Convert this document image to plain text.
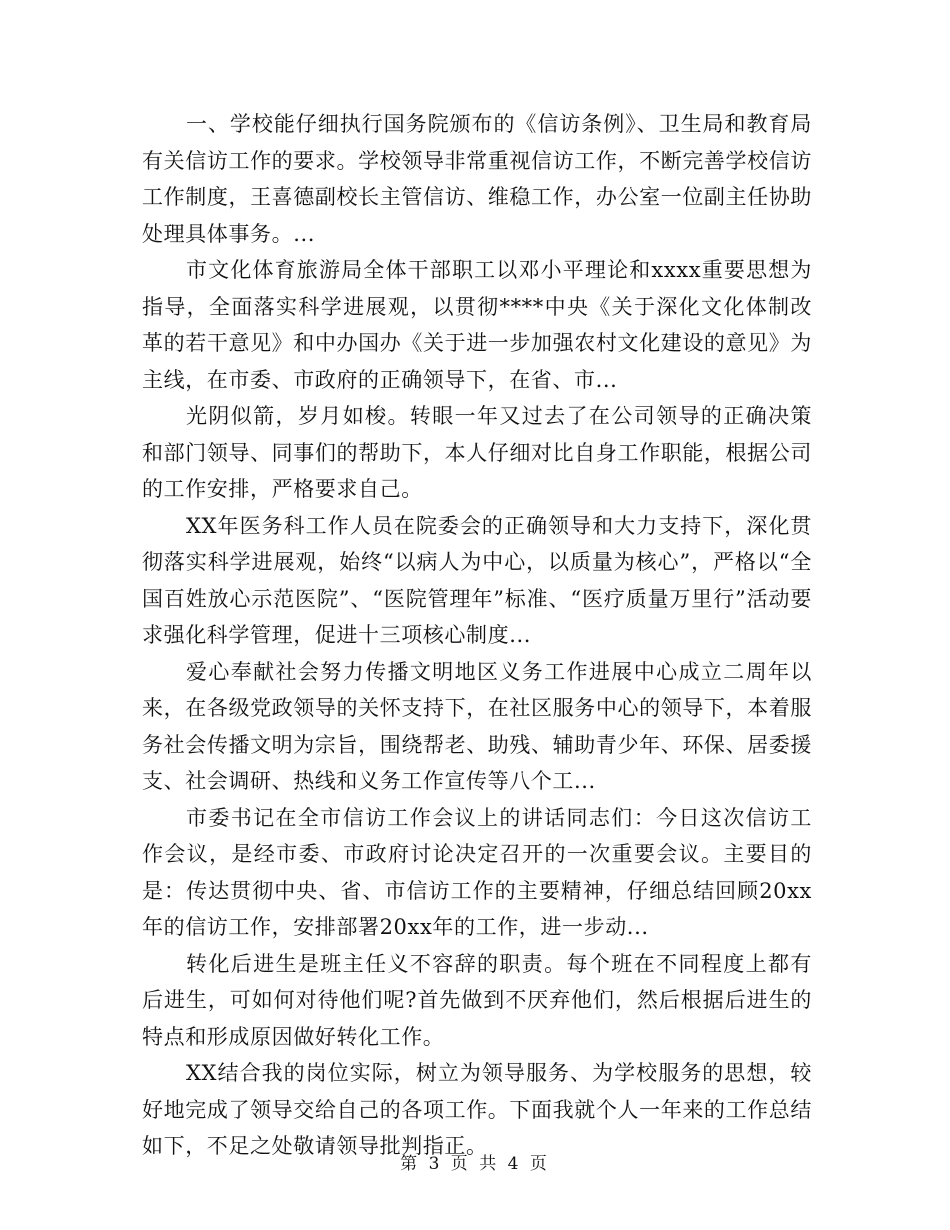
一、学校能仔细执行国务院颁布的《信访条例》、卫生局和教育局有关信访工作的要求。学校领导非常重视信访工作，不断完善学校信访工作制度，王喜德副校长主管信访、维稳工作，办公室一位副主任协助处理具体事务。...

市文化体育旅游局全体干部职工以邓小平理论和xxxx重要思想为指导，全面落实科学进展观，以贯彻****中央《关于深化文化体制改革的若干意见》和中办国办《关于进一步加强农村文化建设的意见》为主线，在市委、市政府的正确领导下，在省、市...

光阴似箭，岁月如梭。转眼一年又过去了在公司领导的正确决策和部门领导、同事们的帮助下，本人仔细对比自身工作职能，根据公司的工作安排，严格要求自己。

XX年医务科工作人员在院委会的正确领导和大力支持下，深化贯彻落实科学进展观，始终“以病人为中心，以质量为核心”，严格以“全国百姓放心示范医院”、“医院管理年”标准、“医疗质量万里行”活动要求强化科学管理，促进十三项核心制度...

爱心奉献社会努力传播文明地区义务工作进展中心成立二周年以来，在各级党政领导的关怀支持下，在社区服务中心的领导下，本着服务社会传播文明为宗旨，围绕帮老、助残、辅助青少年、环保、居委援支、社会调研、热线和义务工作宣传等八个工...

市委书记在全市信访工作会议上的讲话同志们：今日这次信访工作会议，是经市委、市政府讨论决定召开的一次重要会议。主要目的是：传达贯彻中央、省、市信访工作的主要精神，仔细总结回顾20xx年的信访工作，安排部署20xx年的工作，进一步动...

转化后进生是班主任义不容辞的职责。每个班在不同程度上都有后进生，可如何对待他们呢?首先做到不厌弃他们，然后根据后进生的特点和形成原因做好转化工作。

XX结合我的岗位实际，树立为领导服务、为学校服务的思想，较好地完成了领导交给自己的各项工作。下面我就个人一年来的工作总结如下，不足之处敬请领导批判指正。

第 3 页 共 4 页
